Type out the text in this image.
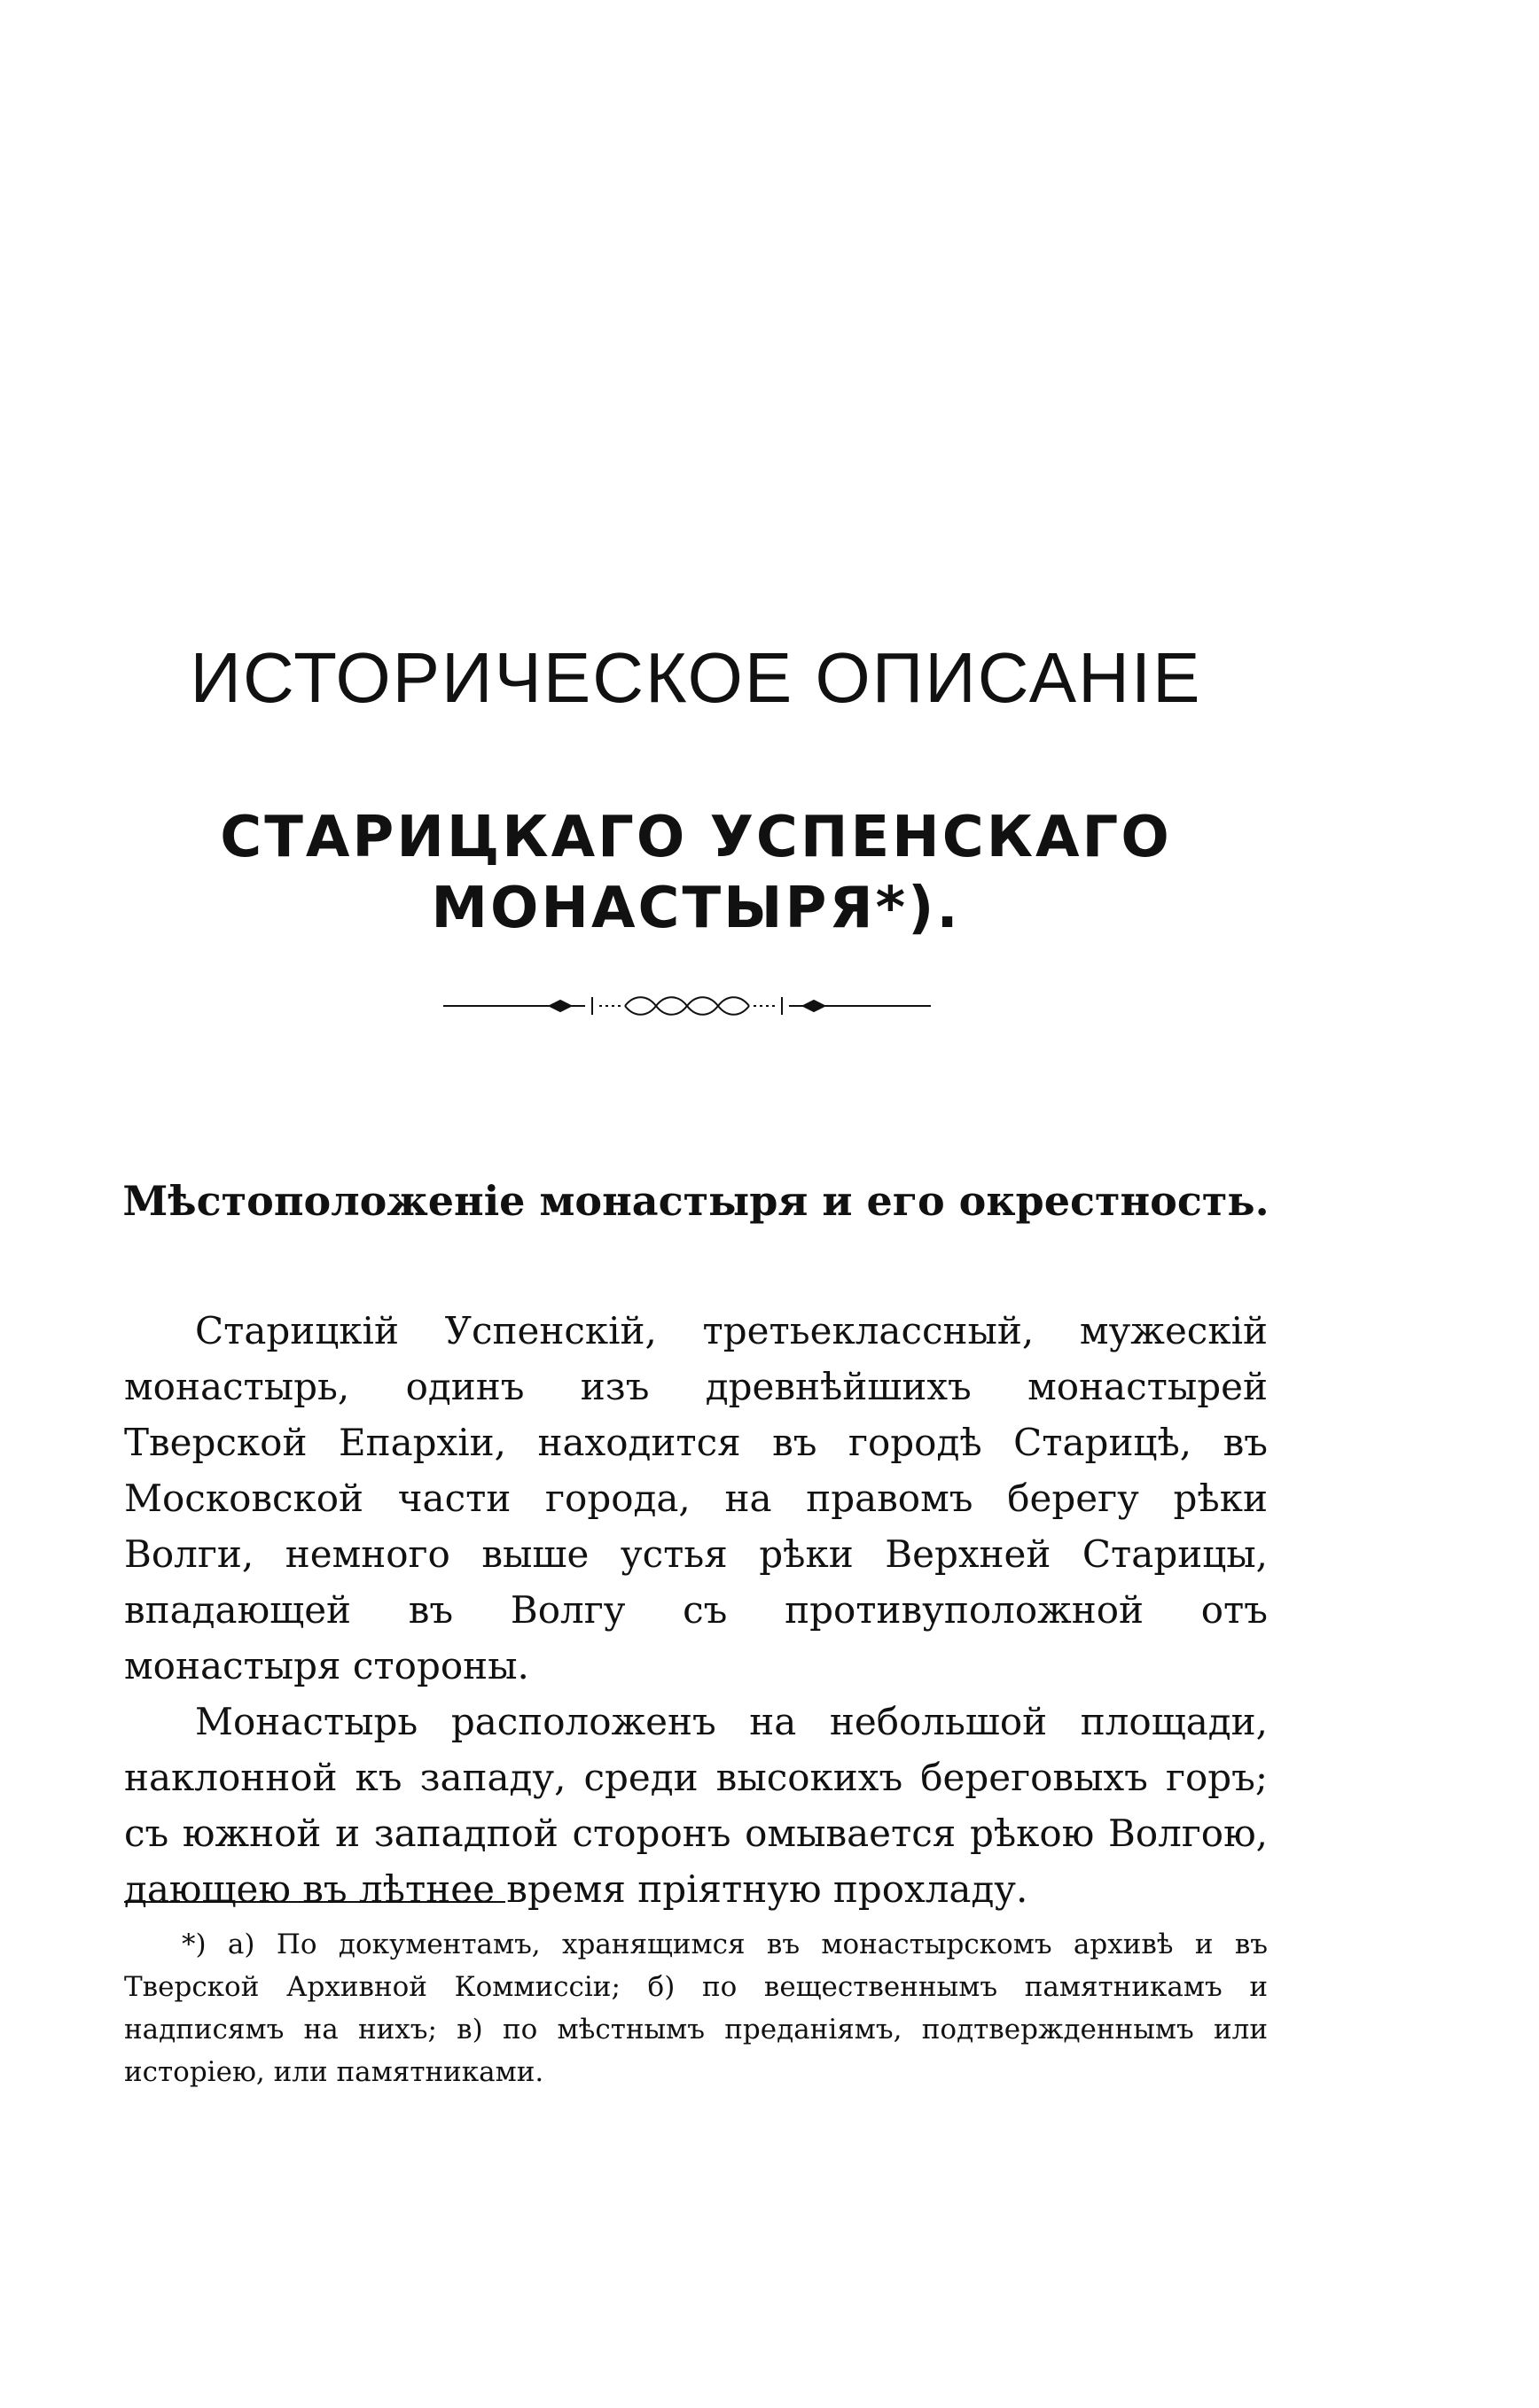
ИСТОРИЧЕСКОЕ ОПИСАНІЕ
СТАРИЦКАГО УСПЕНСКАГО МОНАСТЫРЯ*).
Мѣстоположеніе монастыря и его окрестность.

Старицкій Успенскій, третьеклассный, мужескій монастырь, одинъ изъ древнѣйшихъ монастырей Тверской Епархіи, находится въ городѣ Старицѣ, въ Московской части города, на правомъ берегу рѣки Волги, немного выше устья рѣки Верхней Старицы, впадающей въ Волгу съ противуположной отъ монастыря стороны.

Монастырь расположенъ на небольшой площади, наклонной къ западу, среди высокихъ береговыхъ горъ; съ южной и западпой сторонъ омывается рѣкою Волгою, дающею въ лѣтнее время пріятную прохладу.

*) а) По документамъ, хранящимся въ монастырскомъ архивѣ и въ Тверской Архивной Коммиссіи; б) по вещественнымъ памятникамъ и надписямъ на нихъ; в) по мѣстнымъ преданіямъ, подтвержденнымъ или исторіею, или памятниками.
